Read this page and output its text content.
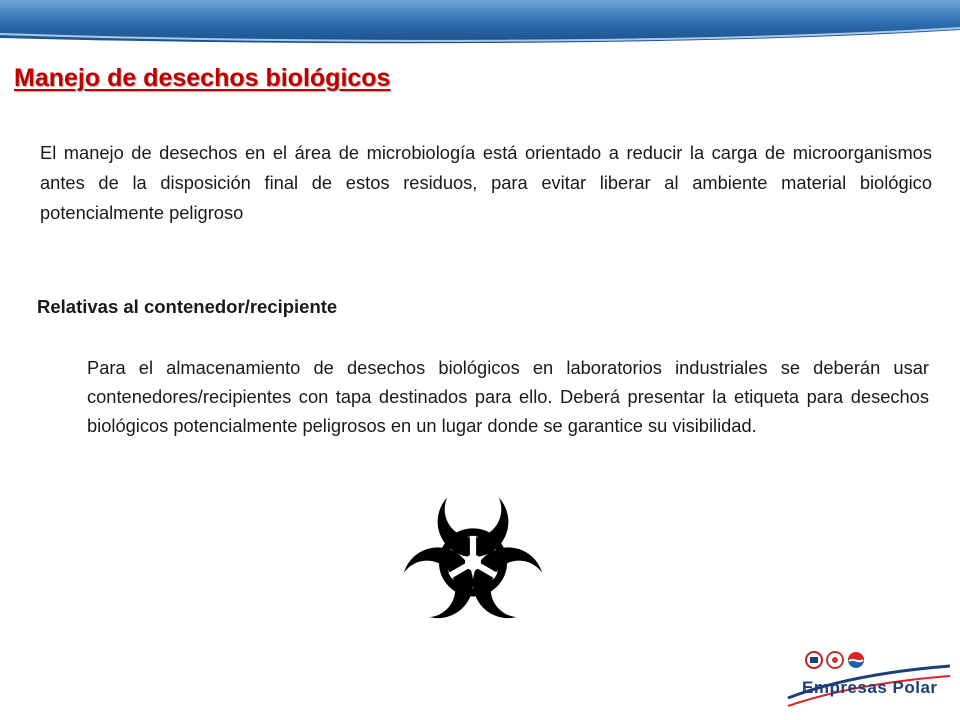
Manejo de desechos biológicos

El manejo de desechos en el área de microbiología está orientado a reducir la carga de microorganismos antes de la disposición final de estos residuos, para evitar liberar al ambiente material biológico potencialmente peligroso

Relativas al contenedor/recipiente

Para el almacenamiento de desechos biológicos en laboratorios industriales se deberán usar contenedores/recipientes con tapa destinados para ello. Deberá presentar la etiqueta para desechos biológicos potencialmente peligrosos en un lugar donde se garantice su visibilidad.

Empresas Polar
